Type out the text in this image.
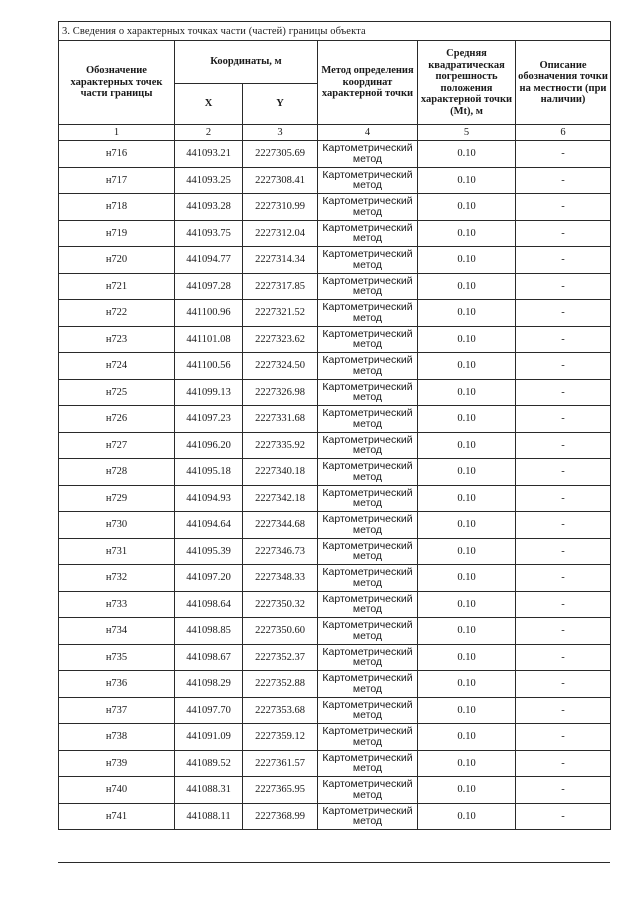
3. Сведения о характерных точках части (частей) границы объекта					
Обозначение характерных точек части границы	Координаты, м		Метод определения координат характерной точки	Средняя квадратическая погрешность положения характерной точки (Mt), м	Описание обозначения точки на местности (при наличии)
	X	Y			
1	2	3	4	5	6
н716	441093.21	2227305.69	Картометрический
метод	0.10	-
н717	441093.25	2227308.41	Картометрический
метод	0.10	-
н718	441093.28	2227310.99	Картометрический
метод	0.10	-
н719	441093.75	2227312.04	Картометрический
метод	0.10	-
н720	441094.77	2227314.34	Картометрический
метод	0.10	-
н721	441097.28	2227317.85	Картометрический
метод	0.10	-
н722	441100.96	2227321.52	Картометрический
метод	0.10	-
н723	441101.08	2227323.62	Картометрический
метод	0.10	-
н724	441100.56	2227324.50	Картометрический
метод	0.10	-
н725	441099.13	2227326.98	Картометрический
метод	0.10	-
н726	441097.23	2227331.68	Картометрический
метод	0.10	-
н727	441096.20	2227335.92	Картометрический
метод	0.10	-
н728	441095.18	2227340.18	Картометрический
метод	0.10	-
н729	441094.93	2227342.18	Картометрический
метод	0.10	-
н730	441094.64	2227344.68	Картометрический
метод	0.10	-
н731	441095.39	2227346.73	Картометрический
метод	0.10	-
н732	441097.20	2227348.33	Картометрический
метод	0.10	-
н733	441098.64	2227350.32	Картометрический
метод	0.10	-
н734	441098.85	2227350.60	Картометрический
метод	0.10	-
н735	441098.67	2227352.37	Картометрический
метод	0.10	-
н736	441098.29	2227352.88	Картометрический
метод	0.10	-
н737	441097.70	2227353.68	Картометрический
метод	0.10	-
н738	441091.09	2227359.12	Картометрический
метод	0.10	-
н739	441089.52	2227361.57	Картометрический
метод	0.10	-
н740	441088.31	2227365.95	Картометрический
метод	0.10	-
н741	441088.11	2227368.99	Картометрический
метод	0.10	-
